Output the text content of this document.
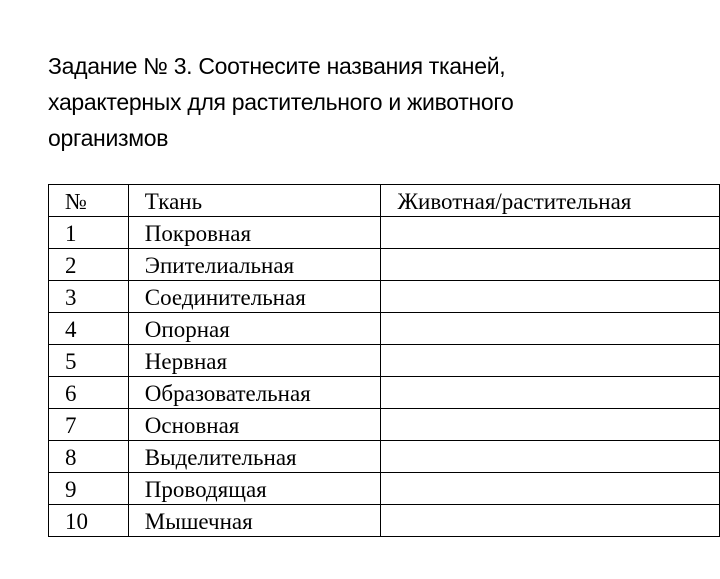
Задание № 3. Соотнесите названия тканей,
характерных для растительного и животного
организмов
№	Ткань	Животная/растительная
1	Покровная	
2	Эпителиальная	
3	Соединительная	
4	Опорная	
5	Нервная	
6	Образовательная	
7	Основная	
8	Выделительная	
9	Проводящая	
10	Мышечная	
